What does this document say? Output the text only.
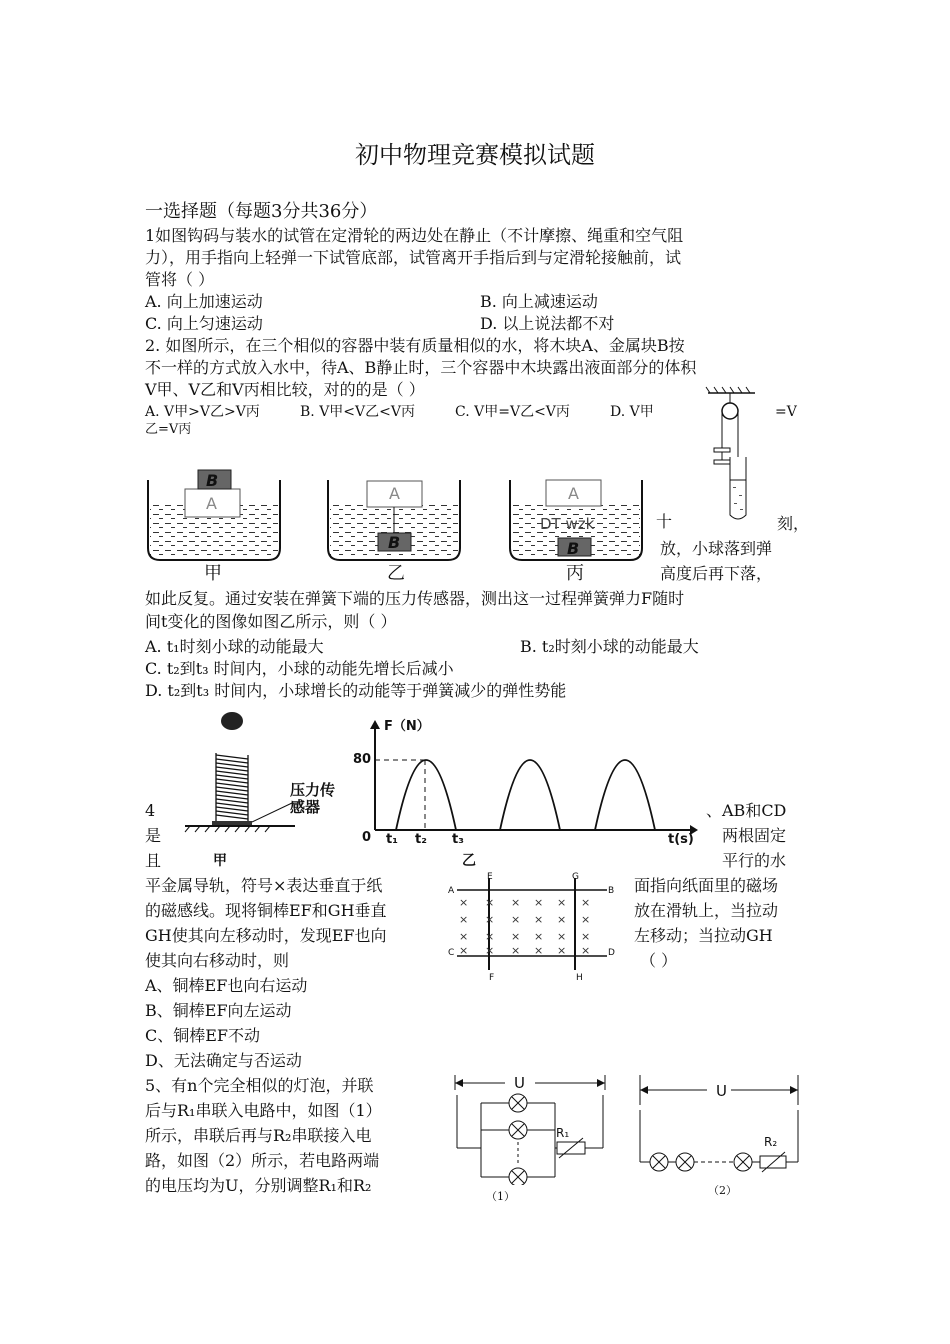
初中物理竞赛模拟试题
一选择题（每题3分共36分）
1如图钩码与装水的试管在定滑轮的两边处在静止（不计摩擦、绳重和空气阻
力），用手指向上轻弹一下试管底部，试管离开手指后到与定滑轮接触前，试
管将（ ）
A. 向上加速运动	B. 向上减速运动
C. 向上匀速运动	D. 以上说法都不对
2. 如图所示，在三个相似的容器中装有质量相似的水，将木块A、金属块B按
不一样的方式放入水中，待A、B静止时，三个容器中木块露出液面部分的体积
V甲、V乙和V丙相比较，对的的是（ ）
A. V甲>V乙>V丙	B. V甲<V乙<V丙	C. V甲=V乙<V丙	D. V甲	=V
乙=V丙
B
A
A
B
A
B
DT wzk
甲	乙	丙
十	刻，
放，小球落到弹
高度后再下落，
如此反复。通过安装在弹簧下端的压力传感器，测出这一过程弹簧弹力F随时
间t变化的图像如图乙所示，则（ ）
A. t₁时刻小球的动能最大	B. t₂时刻小球的动能最大
C. t₂到t₃ 时间内，小球的动能先增长后减小
D. t₂到t₃ 时间内，小球增长的动能等于弹簧减少的弹性势能
压力传
感器
甲
F（N）
80
0 t₁ t₂ t₃	t(s)
乙
4
是
且
平金属导轨，符号×表达垂直于纸
的磁感线。现将铜棒EF和GH垂直
GH使其向左移动时，发现EF也向
使其向右移动时，则
、AB和CD
两根固定
平行的水
面指向纸面里的磁场
放在滑轨上，当拉动
左移动；当拉动GH
（ ）
A、铜棒EF也向右运动
B、铜棒EF向左运动
C、铜棒EF不动
D、无法确定与否运动
× × × × × ×
× × × × × ×
× × × × × ×
× × × × × ×
A	B
C	D
E
F
G
H
5、有n个完全相似的灯泡，并联
后与R₁串联入电路中，如图（1）
所示，串联后再与R₂串联接入电
路，如图（2）所示，若电路两端
的电压均为U，分别调整R₁和R₂
U
R₁
（1）
U
R₂
（2）
